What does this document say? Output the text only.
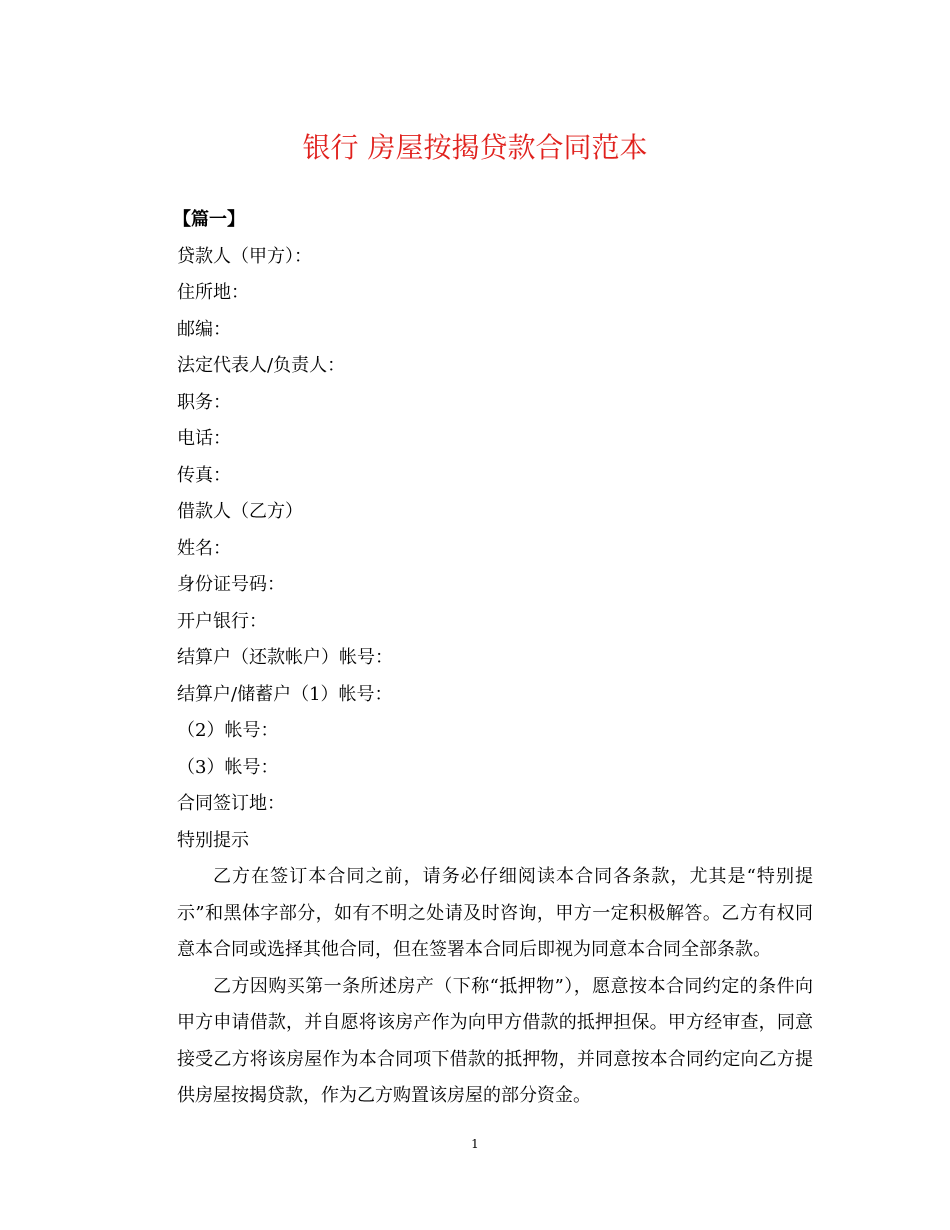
银行 房屋按揭贷款合同范本
【篇一】
贷款人（甲方）：
住所地：
邮编：
法定代表人/负责人：
职务：
电话：
传真：
借款人（乙方）
姓名：
身份证号码：
开户银行：
结算户（还款帐户）帐号：
结算户/储蓄户（1）帐号：
（2）帐号：
（3）帐号：
合同签订地：
特别提示

乙方在签订本合同之前，请务必仔细阅读本合同各条款，尤其是“特别提示”和黑体字部分，如有不明之处请及时咨询，甲方一定积极解答。乙方有权同意本合同或选择其他合同，但在签署本合同后即视为同意本合同全部条款。

乙方因购买第一条所述房产（下称“抵押物”），愿意按本合同约定的条件向甲方申请借款，并自愿将该房产作为向甲方借款的抵押担保。甲方经审查，同意接受乙方将该房屋作为本合同项下借款的抵押物，并同意按本合同约定向乙方提供房屋按揭贷款，作为乙方购置该房屋的部分资金。

1
